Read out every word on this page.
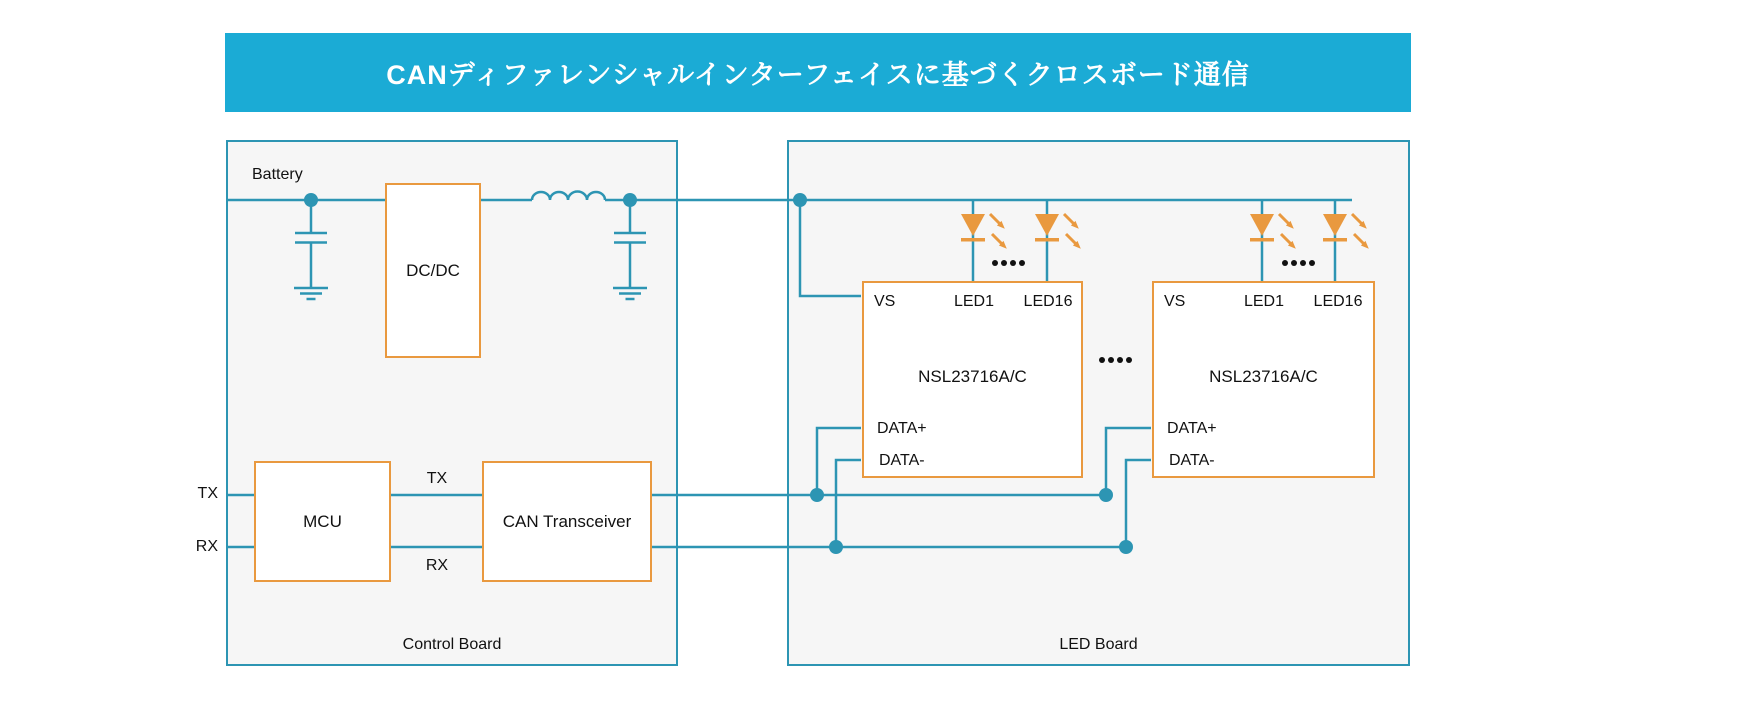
CANディファレンシャルインターフェイスに基づくクロスボード通信
Control Board	LED Board
DC/DC
MCU	CAN Transceiver
VS	LED1 LED16
NSL23716A/C
DATA+
DATA-
VS	LED1 LED16
NSL23716A/C
DATA+
DATA-
Battery
TX
RX
TX
RX
